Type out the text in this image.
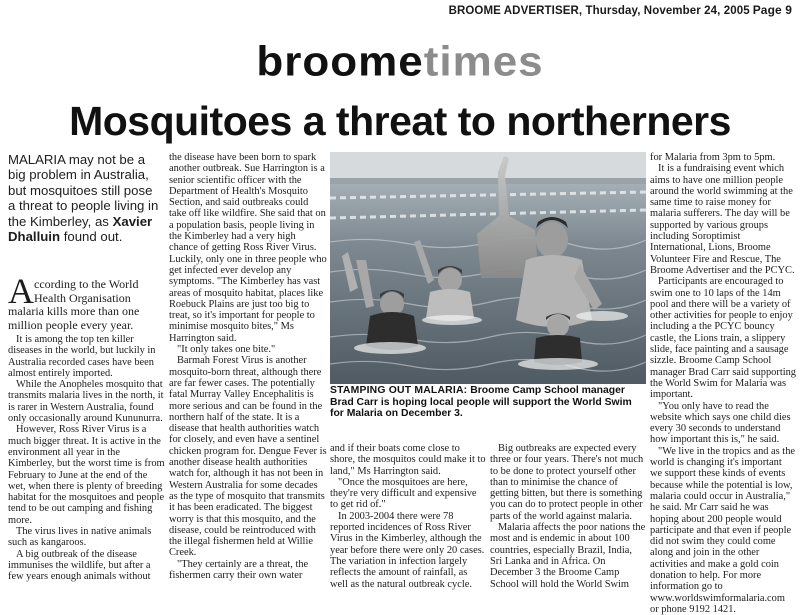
BROOME ADVERTISER, Thursday, November 24, 2005 Page 9
broometimes
Mosquitoes a threat to northerners
MALARIA may not be a big problem in Australia, but mosquitoes still pose a threat to people living in the Kimberley, as Xavier Dhalluin found out.
A ccording to the World
Health Organisation
malaria kills more than one million people every year.

It is among the top ten killer diseases in the world, but luckily in Australia recorded cases have been almost entirely imported.

While the Anopheles mosquito that transmits malaria lives in the north, it is rarer in Western Australia, found only occasionally around Kununurra.

However, Ross River Virus is a much bigger threat. It is active in the environment all year in the Kimberley, but the worst time is from February to June at the end of the wet, when there is plenty of breeding habitat for the mosquitoes and people tend to be out camping and fishing more.

The virus lives in native animals such as kangaroos.

A big outbreak of the disease immunises the wildlife, but after a few years enough animals without

the disease have been born to spark another outbreak. Sue Harrington is a senior scientific officer with the Department of Health's Mosquito Section, and said outbreaks could take off like wildfire. She said that on a population basis, people living in the Kimberley had a very high chance of getting Ross River Virus. Luckily, only one in three people who get infected ever develop any symptoms. "The Kimberley has vast areas of mosquito habitat, places like Roebuck Plains are just too big to treat, so it's important for people to minimise mosquito bites," Ms Harrington said.

"It only takes one bite."

Barmah Forest Virus is another mosquito-born threat, although there are far fewer cases. The potentially fatal Murray Valley Encephalitis is more serious and can be found in the northern half of the state. It is a disease that health authorities watch for closely, and even have a sentinel chicken program for. Dengue Fever is another disease health authorities watch for, although it has not been in Western Australia for some decades as the type of mosquito that transmits it has been eradicated. The biggest worry is that this mosquito, and the disease, could be reintroduced with the illegal fishermen held at Willie Creek.

"They certainly are a threat, the fishermen carry their own water

STAMPING OUT MALARIA: Broome Camp School manager Brad Carr is hoping local people will support the World Swim for Malaria on December 3.

and if their boats come close to shore, the mosquitos could make it to land," Ms Harrington said.

"Once the mosquitoes are here, they're very difficult and expensive to get rid of."

In 2003-2004 there were 78 reported incidences of Ross River Virus in the Kimberley, although the year before there were only 20 cases. The variation in infection largely reflects the amount of rainfall, as well as the natural outbreak cycle.

Big outbreaks are expected every three or four years. There's not much to be done to protect yourself other than to minimise the chance of getting bitten, but there is something you can do to protect people in other parts of the world against malaria.

Malaria affects the poor nations the most and is endemic in about 100 countries, especially Brazil, India, Sri Lanka and in Africa. On December 3 the Broome Camp School will hold the World Swim

for Malaria from 3pm to 5pm.

It is a fundraising event which aims to have one million people around the world swimming at the same time to raise money for malaria sufferers. The day will be supported by various groups including Soroptimist International, Lions, Broome Volunteer Fire and Rescue, The Broome Advertiser and the PCYC.

Participants are encouraged to swim one to 10 laps of the 14m pool and there will be a variety of other activities for people to enjoy including a the PCYC bouncy castle, the Lions train, a slippery slide, face painting and a sausage sizzle. Broome Camp School manager Brad Carr said supporting the World Swim for Malaria was important.

"You only have to read the website which says one child dies every 30 seconds to understand how important this is," he said.

"We live in the tropics and as the world is changing it's important we support these kinds of events because while the potential is low, malaria could occur in Australia," he said. Mr Carr said he was hoping about 200 people would participate and that even if people did not swim they could come along and join in the other activities and make a gold coin donation to help. For more information go to www.worldswimformalaria.com or phone 9192 1421.
